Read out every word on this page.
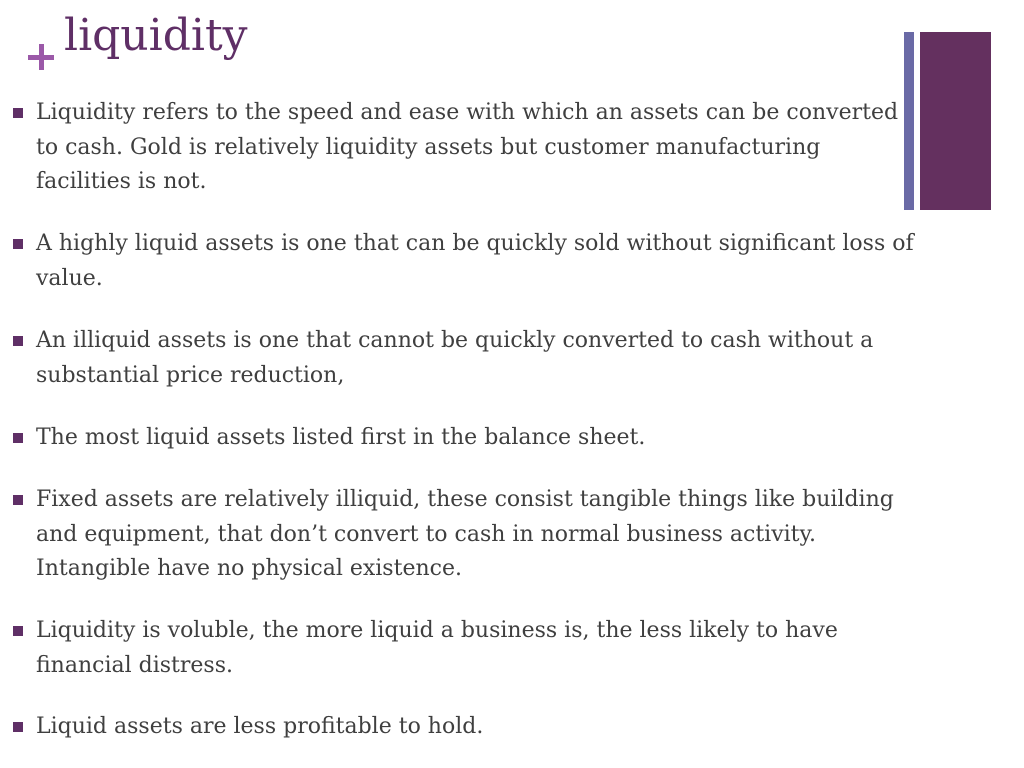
liquidity
Liquidity refers to the speed and ease with which an assets can be converted to cash. Gold is relatively liquidity assets but customer manufacturing facilities is not.
A highly liquid assets is one that can be quickly sold without significant loss of value.
An illiquid assets is one that cannot be quickly converted to cash without a substantial price reduction,
The most liquid assets listed first in the balance sheet.
Fixed assets are relatively illiquid, these consist tangible things like building and equipment, that don’t convert to cash in normal business activity. Intangible have no physical existence.
Liquidity is voluble, the more liquid a business is, the less likely to have financial distress.
Liquid assets are less profitable to hold.
